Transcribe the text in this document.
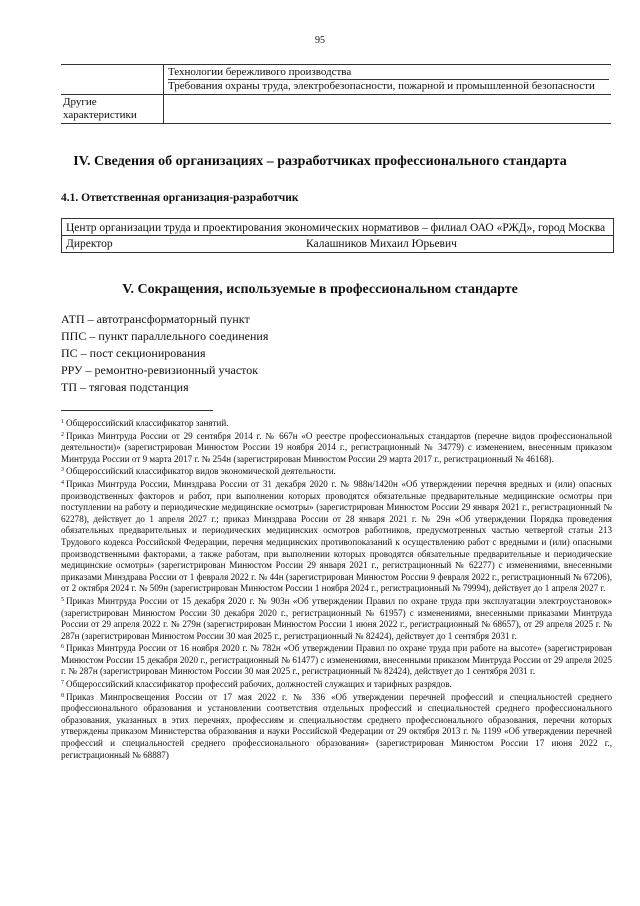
95
Технологии бережливого производства
Требования охраны труда, электробезопасности, пожарной и промышленной безопасности
Другие характеристики
IV. Сведения об организациях – разработчиках профессионального стандарта
4.1. Ответственная организация-разработчик
Центр организации труда и проектирования экономических нормативов – филиал ОАО «РЖД», город Москва
Директор	Калашников Михаил Юрьевич
V. Сокращения, используемые в профессиональном стандарте
АТП – автотрансформаторный пункт
ППС – пункт параллельного соединения
ПС – пост секционирования
РРУ – ремонтно-ревизионный участок
ТП – тяговая подстанция

$^1$ Общероссийский классификатор занятий.

$^2$ Приказ Минтруда России от 29 сентября 2014 г. № 667н «О реестре профессиональных стандартов (перечне видов профессиональной деятельности)» (зарегистрирован Минюстом России 19 ноября 2014 г., регистрационный № 34779) с изменением, внесенным приказом Минтруда России от 9 марта 2017 г. № 254н (зарегистрирован Минюстом России 29 марта 2017 г., регистрационный № 46168).

$^3$ Общероссийский классификатор видов экономической деятельности.

$^4$ Приказ Минтруда России, Минздрава России от 31 декабря 2020 г. № 988н/1420н «Об утверждении перечня вредных и (или) опасных производственных факторов и работ, при выполнении которых проводятся обязательные предварительные медицинские осмотры при поступлении на работу и периодические медицинские осмотры» (зарегистрирован Минюстом России 29 января 2021 г., регистрационный № 62278), действует до 1 апреля 2027 г.; приказ Минздрава России от 28 января 2021 г. № 29н «Об утверждении Порядка проведения обязательных предварительных и периодических медицинских осмотров работников, предусмотренных частью четвертой статьи 213 Трудового кодекса Российской Федерации, перечня медицинских противопоказаний к осуществлению работ с вредными и (или) опасными производственными факторами, а также работам, при выполнении которых проводятся обязательные предварительные и периодические медицинские осмотры» (зарегистрирован Минюстом России 29 января 2021 г., регистрационный № 62277) с изменениями, внесенными приказами Минздрава России от 1 февраля 2022 г. № 44н (зарегистрирован Минюстом России 9 февраля 2022 г., регистрационный № 67206), от 2 октября 2024 г. № 509н (зарегистрирован Минюстом России 1 ноября 2024 г., регистрационный № 79994), действует до 1 апреля 2027 г.

$^5$ Приказ Минтруда России от 15 декабря 2020 г. № 903н «Об утверждении Правил по охране труда при эксплуатации электроустановок» (зарегистрирован Минюстом России 30 декабря 2020 г., регистрационный № 61957) с изменениями, внесенными приказами Минтруда России от 29 апреля 2022 г. № 279н (зарегистрирован Минюстом России 1 июня 2022 г., регистрационный № 68657), от 29 апреля 2025 г. № 287н (зарегистрирован Минюстом России 30 мая 2025 г., регистрационный № 82424), действует до 1 сентября 2031 г.

$^6$ Приказ Минтруда России от 16 ноября 2020 г. № 782н «Об утверждении Правил по охране труда при работе на высоте» (зарегистрирован Минюстом России 15 декабря 2020 г., регистрационный № 61477) с изменениями, внесенными приказом Минтруда России от 29 апреля 2025 г. № 287н (зарегистрирован Минюстом России 30 мая 2025 г., регистрационный № 82424), действует до 1 сентября 2031 г.

$^7$ Общероссийский классификатор профессий рабочих, должностей служащих и тарифных разрядов.

$^8$ Приказ Минпросвещения России от 17 мая 2022 г. № 336 «Об утверждении перечней профессий и специальностей среднего профессионального образования и установлении соответствия отдельных профессий и специальностей среднего профессионального образования, указанных в этих перечнях, профессиям и специальностям среднего профессионального образования, перечни которых утверждены приказом Министерства образования и науки Российской Федерации от 29 октября 2013 г. № 1199 «Об утверждении перечней профессий и специальностей среднего профессионального образования» (зарегистрирован Минюстом России 17 июня 2022 г., регистрационный № 68887)
